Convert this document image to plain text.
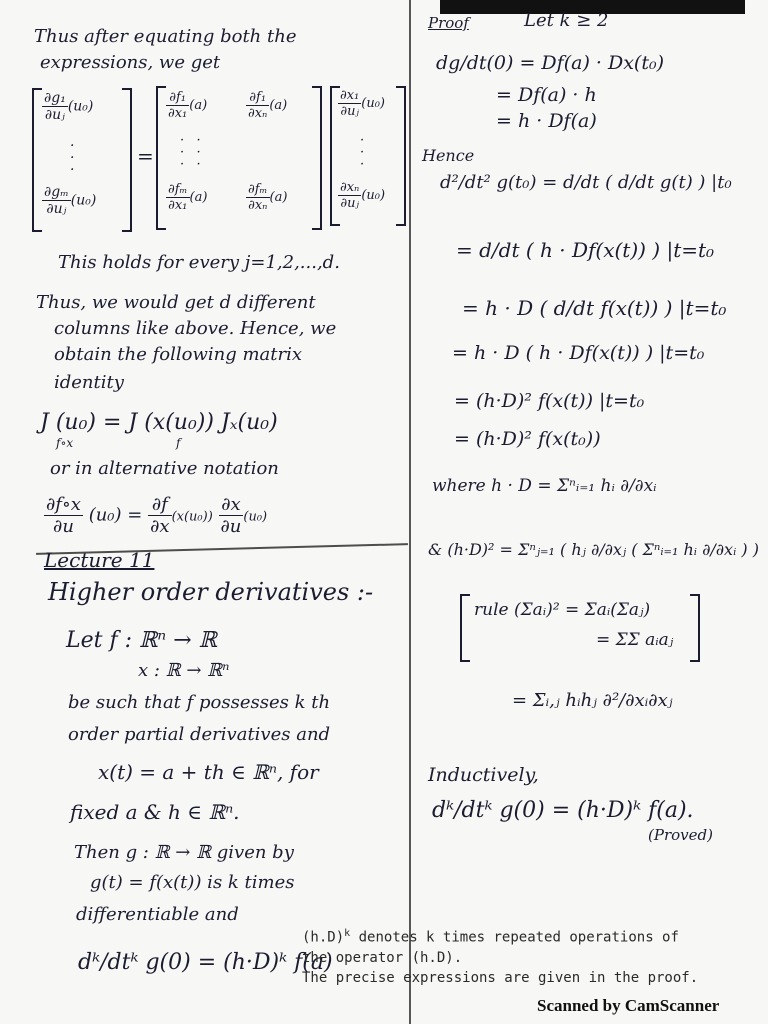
Thus after equating both the
expressions, we get
$\frac{\text{∂g₁}}{\text{∂uⱼ}} (u_0)$
·
·
·
$\frac{\text{∂gₘ}}{\text{∂uⱼ}} (u_0)$
=
$\frac{\text{∂f₁}}{\text{∂x₁}} (a)$	$\frac{\text{∂f₁}}{\text{∂xₙ}} (a)$
·   ·
·   ·
·   ·
$\frac{\text{∂fₘ}}{\text{∂x₁}} (a)$	$\frac{\text{∂fₘ}}{\text{∂xₙ}} (a)$
$\frac{\text{∂x₁}}{\text{∂uⱼ}} (u_0)$
·
·
·
$\frac{\text{∂xₙ}}{\text{∂uⱼ}} (u_0)$
This holds for every j=1,2,...,d.
Thus, we would get d different
columns like above. Hence, we
obtain the following matrix
identity
J (u₀) = J (x(u₀)) Jₓ(u₀)
f∘x	f
or in alternative notation
$\frac{\partial f\circ x}{\partial u} (u_0) = \frac{\partial f}{\partial x} (x(u_0)) \frac{\partial x}{\partial u} (u_0)$
Lecture 11
Higher order derivatives :-
Let f : ℝⁿ → ℝ
x : ℝ → ℝⁿ
be such that f possesses k th
order partial derivatives and
x(t) = a + th ∈ ℝⁿ, for
fixed a & h ∈ ℝⁿ.
Then g : ℝ → ℝ given by
g(t) = f(x(t)) is k times
differentiable and
dᵏ/dtᵏ g(0) = (h·D)ᵏ f(a)
Proof	Let k ≥ 2
dg/dt(0) = Df(a) · Dx(t₀)
= Df(a) · h
= h · Df(a)
Hence
d²/dt² g(t₀) = d/dt ( d/dt g(t) ) |t₀
= d/dt ( h · Df(x(t)) ) |t=t₀
= h · D ( d/dt f(x(t)) ) |t=t₀
= h · D ( h · Df(x(t)) ) |t=t₀
= (h·D)² f(x(t)) |t=t₀
= (h·D)² f(x(t₀))
where h · D = Σⁿᵢ₌₁ hᵢ ∂/∂xᵢ
& (h·D)² = Σⁿⱼ₌₁ ( hⱼ ∂/∂xⱼ ( Σⁿᵢ₌₁ hᵢ ∂/∂xᵢ ) )
rule (Σaᵢ)² = Σaᵢ(Σaⱼ)
= ΣΣ aᵢaⱼ
= Σᵢ,ⱼ hᵢhⱼ ∂²/∂xᵢ∂xⱼ
Inductively,
dᵏ/dtᵏ g(0) = (h·D)ᵏ f(a).
(Proved)
$(h.D)^k$ denotes k times repeated operations of
the operator (h.D).
The precise expressions are given in the proof.
Scanned by CamScanner
